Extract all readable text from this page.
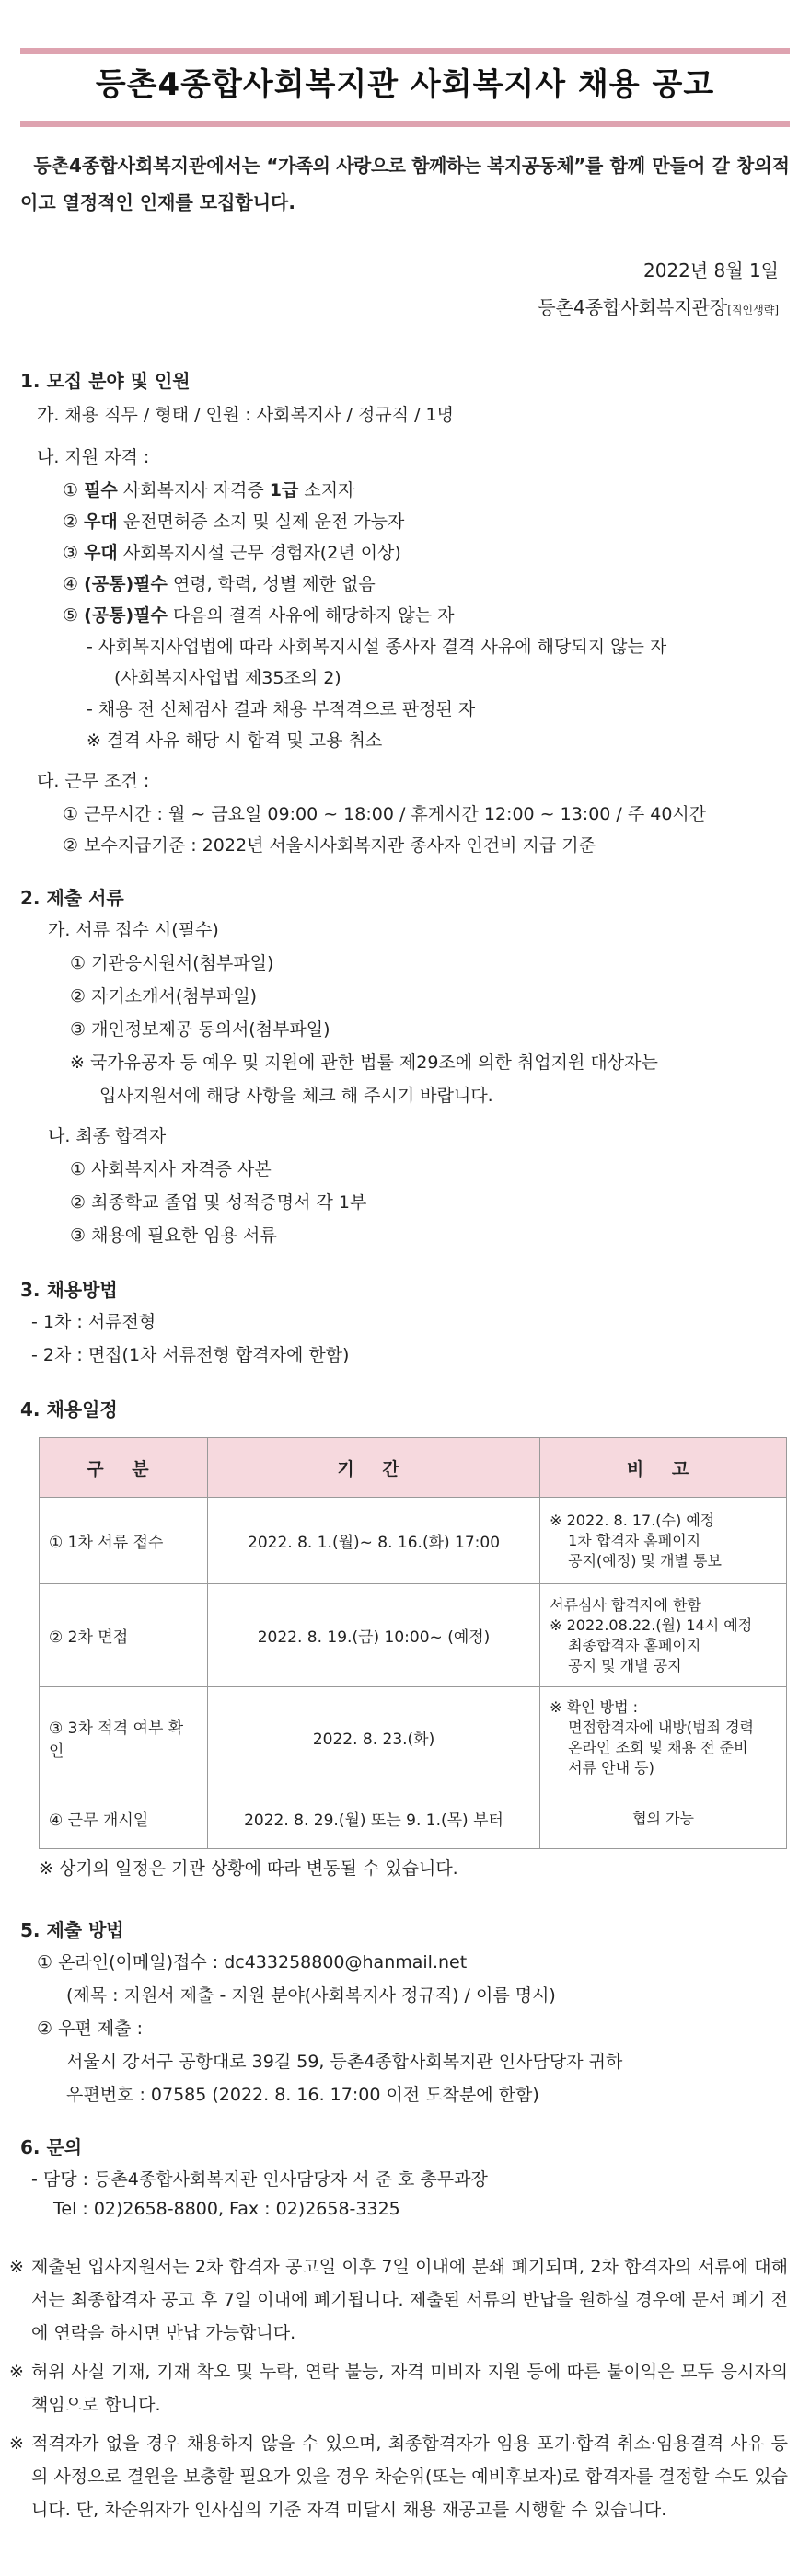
등촌4종합사회복지관 사회복지사 채용 공고
등촌4종합사회복지관에서는 “가족의 사랑으로 함께하는 복지공동체”를 함께 만들어 갈 창의적이고 열정적인 인재를 모집합니다.
2022년 8월 1일
등촌4종합사회복지관장[직인생략]
1. 모집 분야 및 인원
가. 채용 직무 / 형태 / 인원 : 사회복지사 / 정규직 / 1명
나. 지원 자격 :
① 필수 사회복지사 자격증 1급 소지자
② 우대 운전면허증 소지 및 실제 운전 가능자
③ 우대 사회복지시설 근무 경험자(2년 이상)
④ (공통)필수 연령, 학력, 성별 제한 없음
⑤ (공통)필수 다음의 결격 사유에 해당하지 않는 자
- 사회복지사업법에 따라 사회복지시설 종사자 결격 사유에 해당되지 않는 자
(사회복지사업법 제35조의 2)
- 채용 전 신체검사 결과 채용 부적격으로 판정된 자
※ 결격 사유 해당 시 합격 및 고용 취소
다. 근무 조건 :
① 근무시간 : 월 ~ 금요일 09:00 ~ 18:00 / 휴게시간 12:00 ~ 13:00 / 주 40시간
② 보수지급기준 : 2022년 서울시사회복지관 종사자 인건비 지급 기준
2. 제출 서류
가. 서류 접수 시(필수)
① 기관응시원서(첨부파일)
② 자기소개서(첨부파일)
③ 개인정보제공 동의서(첨부파일)
※ 국가유공자 등 예우 및 지원에 관한 법률 제29조에 의한 취업지원 대상자는
입사지원서에 해당 사항을 체크 해 주시기 바랍니다.
나. 최종 합격자
① 사회복지사 자격증 사본
② 최종학교 졸업 및 성적증명서 각 1부
③ 채용에 필요한 임용 서류
3. 채용방법
- 1차 : 서류전형
- 2차 : 면접(1차 서류전형 합격자에 한함)
4. 채용일정
구 분	기 간	비 고
① 1차 서류 접수	2022. 8. 1.(월)~ 8. 16.(화) 17:00	※ 2022. 8. 17.(수) 예정
1차 합격자 홈페이지
공지(예정) 및 개별 통보

② 2차 면접	2022. 8. 19.(금) 10:00~ (예정)	서류심사 합격자에 한함
※ 2022.08.22.(월) 14시 예정
최종합격자 홈페이지
공지 및 개별 공지

③ 3차 적격 여부 확인	2022. 8. 23.(화)	※ 확인 방법 :
면접합격자에 내방(범죄 경력
온라인 조회 및 채용 전 준비
서류 안내 등)

④ 근무 개시일	2022. 8. 29.(월) 또는 9. 1.(목) 부터	협의 가능
※ 상기의 일정은 기관 상황에 따라 변동될 수 있습니다.
5. 제출 방법
① 온라인(이메일)접수 : dc433258800@hanmail.net
(제목 : 지원서 제출 - 지원 분야(사회복지사 정규직) / 이름 명시)
② 우편 제출 :
서울시 강서구 공항대로 39길 59, 등촌4종합사회복지관 인사담당자 귀하
우편번호 : 07585 (2022. 8. 16. 17:00 이전 도착분에 한함)
6. 문의
- 담당 : 등촌4종합사회복지관 인사담당자 서 준 호 총무과장
Tel : 02)2658-8800, Fax : 02)2658-3325
※ 제출된 입사지원서는 2차 합격자 공고일 이후 7일 이내에 분쇄 폐기되며, 2차 합격자의 서류에 대해서는 최종합격자 공고 후 7일 이내에 폐기됩니다. 제출된 서류의 반납을 원하실 경우에 문서 폐기 전에 연락을 하시면 반납 가능합니다.
※ 허위 사실 기재, 기재 착오 및 누락, 연락 불능, 자격 미비자 지원 등에 따른 불이익은 모두 응시자의 책임으로 합니다.
※ 적격자가 없을 경우 채용하지 않을 수 있으며, 최종합격자가 임용 포기·합격 취소·임용결격 사유 등의 사정으로 결원을 보충할 필요가 있을 경우 차순위(또는 예비후보자)로 합격자를 결정할 수도 있습니다. 단, 차순위자가 인사심의 기준 자격 미달시 채용 재공고를 시행할 수 있습니다.
